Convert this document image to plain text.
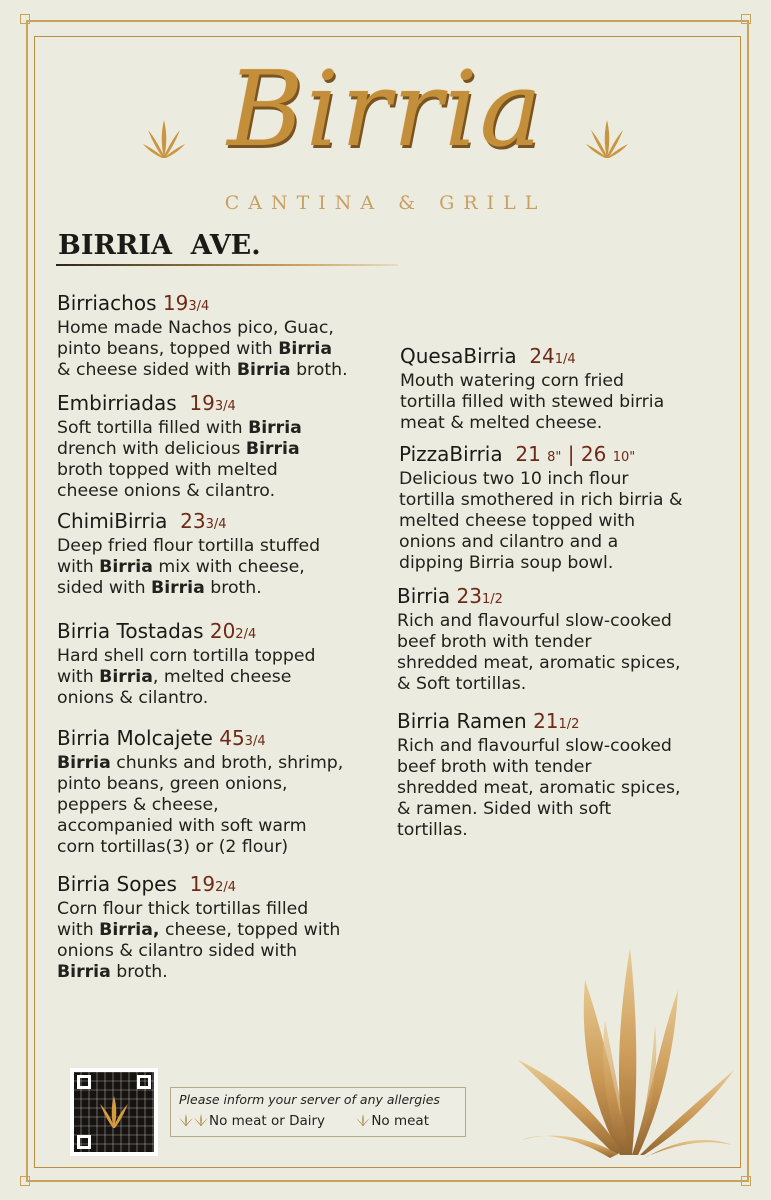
Birria
CANTINA & GRILL
BIRRIA  AVE.
Birriachos 193/4
Home made Nachos pico, Guac,
pinto beans, topped with Birria
& cheese sided with Birria broth.
Embirriadas 193/4
Soft tortilla filled with Birria
drench with delicious Birria
broth topped with melted
cheese onions & cilantro.
ChimiBirria 233/4
Deep fried flour tortilla stuffed
with Birria mix with cheese,
sided with Birria broth.
Birria Tostadas 202/4
Hard shell corn tortilla topped
with Birria, melted cheese
onions & cilantro.
Birria Molcajete 453/4
Birria chunks and broth, shrimp,
pinto beans, green onions,
peppers & cheese,
accompanied with soft warm
corn tortillas(3) or (2 flour)
Birria Sopes 192/4
Corn flour thick tortillas filled
with Birria, cheese, topped with
onions & cilantro sided with
Birria broth.
QuesaBirria 241/4
Mouth watering corn fried
tortilla filled with stewed birria
meat & melted cheese.
PizzaBirria 21 8" | 26 10"
Delicious two 10 inch flour
tortilla smothered in rich birria &
melted cheese topped with
onions and cilantro and a
dipping Birria soup bowl.
Birria 231/2
Rich and flavourful slow-cooked
beef broth with tender
shredded meat, aromatic spices,
& Soft tortillas.
Birria Ramen 211/2
Rich and flavourful slow-cooked
beef broth with tender
shredded meat, aromatic spices,
& ramen. Sided with soft
tortillas.
Please inform your server of any allergies
No meat or Dairy	No meat
